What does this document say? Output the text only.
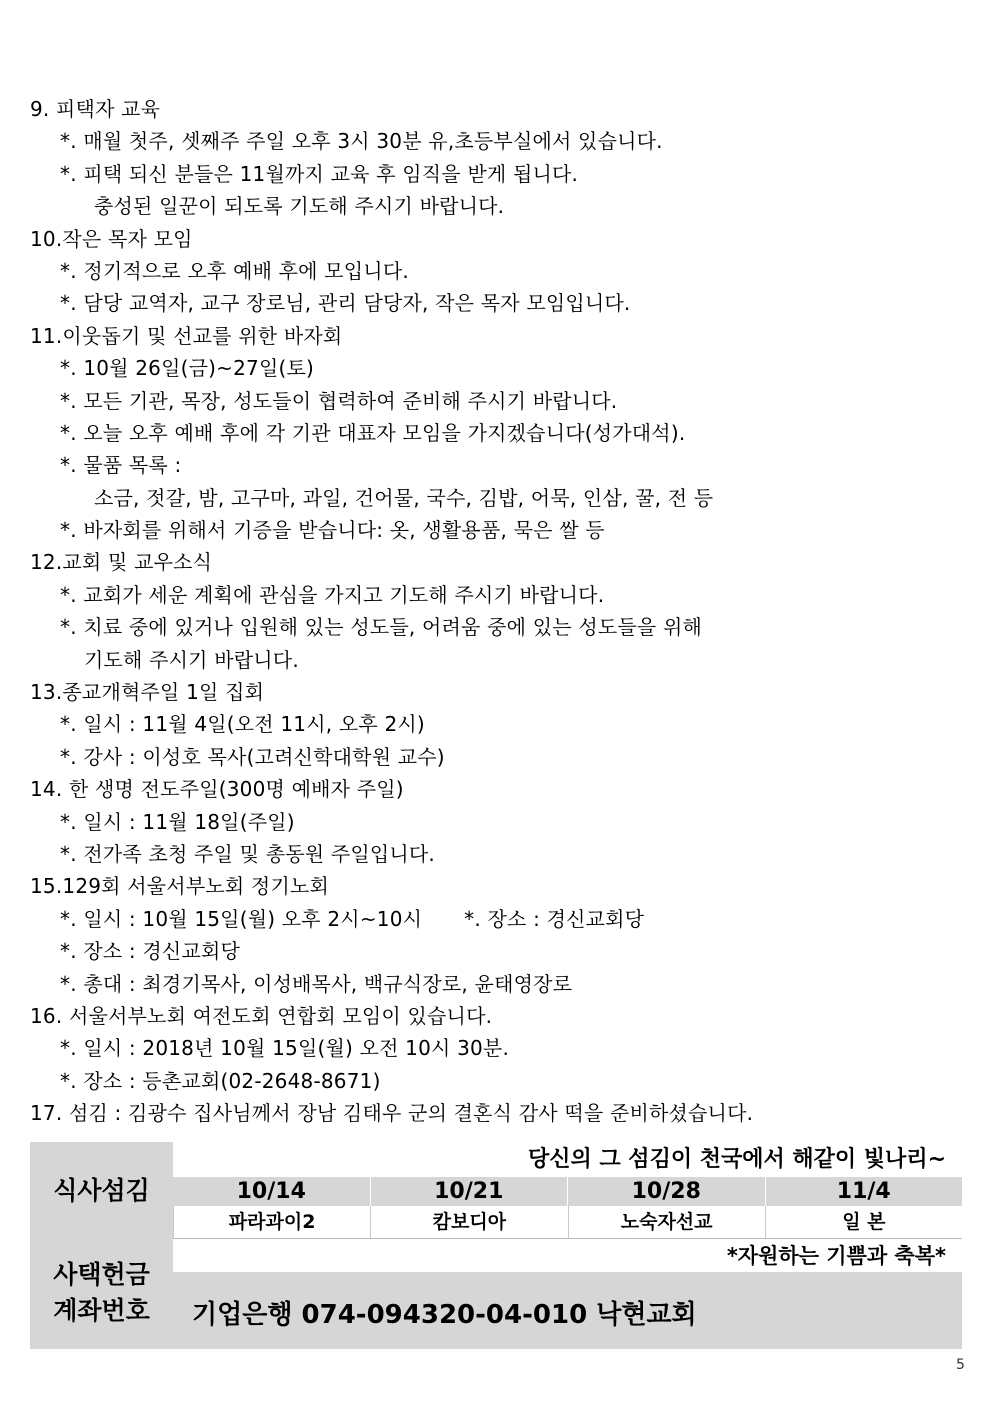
9. 피택자 교육
*. 매월 첫주, 셋째주 주일 오후 3시 30분 유,초등부실에서 있습니다.
*. 피택 되신 분들은 11월까지 교육 후 임직을 받게 됩니다.
충성된 일꾼이 되도록 기도해 주시기 바랍니다.
10.작은 목자 모임
*. 정기적으로 오후 예배 후에 모입니다.
*. 담당 교역자, 교구 장로님, 관리 담당자, 작은 목자 모임입니다.
11.이웃돕기 및 선교를 위한 바자회
*. 10월 26일(금)~27일(토)
*. 모든 기관, 목장, 성도들이 협력하여 준비해 주시기 바랍니다.
*. 오늘 오후 예배 후에 각 기관 대표자 모임을 가지겠습니다(성가대석).
*. 물품 목록 :
소금, 젓갈, 밤, 고구마, 과일, 건어물, 국수, 김밥, 어묵, 인삼, 꿀, 전 등
*. 바자회를 위해서 기증을 받습니다: 옷, 생활용품, 묵은 쌀 등
12.교회 및 교우소식
*. 교회가 세운 계획에 관심을 가지고 기도해 주시기 바랍니다.
*. 치료 중에 있거나 입원해 있는 성도들, 어려움 중에 있는 성도들을 위해
기도해 주시기 바랍니다.
13.종교개혁주일 1일 집회
*. 일시 : 11월 4일(오전 11시, 오후 2시)
*. 강사 : 이성호 목사(고려신학대학원 교수)
14. 한 생명 전도주일(300명 예배자 주일)
*. 일시 : 11월 18일(주일)
*. 전가족 초청 주일 및 총동원 주일입니다.
15.129회 서울서부노회 정기노회
*. 일시 : 10월 15일(월) 오후 2시~10시 *. 장소 : 경신교회당
*. 장소 : 경신교회당
*. 총대 : 최경기목사, 이성배목사, 백규식장로, 윤태영장로
16. 서울서부노회 여전도회 연합회 모임이 있습니다.
*. 일시 : 2018년 10월 15일(월) 오전 10시 30분.
*. 장소 : 등촌교회(02-2648-8671)
17. 섬김 : 김광수 집사님께서 장남 김태우 군의 결혼식 감사 떡을 준비하셨습니다.
식사섬김
당신의 그 섬김이 천국에서 해같이 빛나리~
10/14	10/21	10/28	11/4
파라과이2	캄보디아	노숙자선교	일 본
*자원하는 기쁨과 축복*
사택헌금
계좌번호	기업은행 074-094320-04-010 낙현교회
5
